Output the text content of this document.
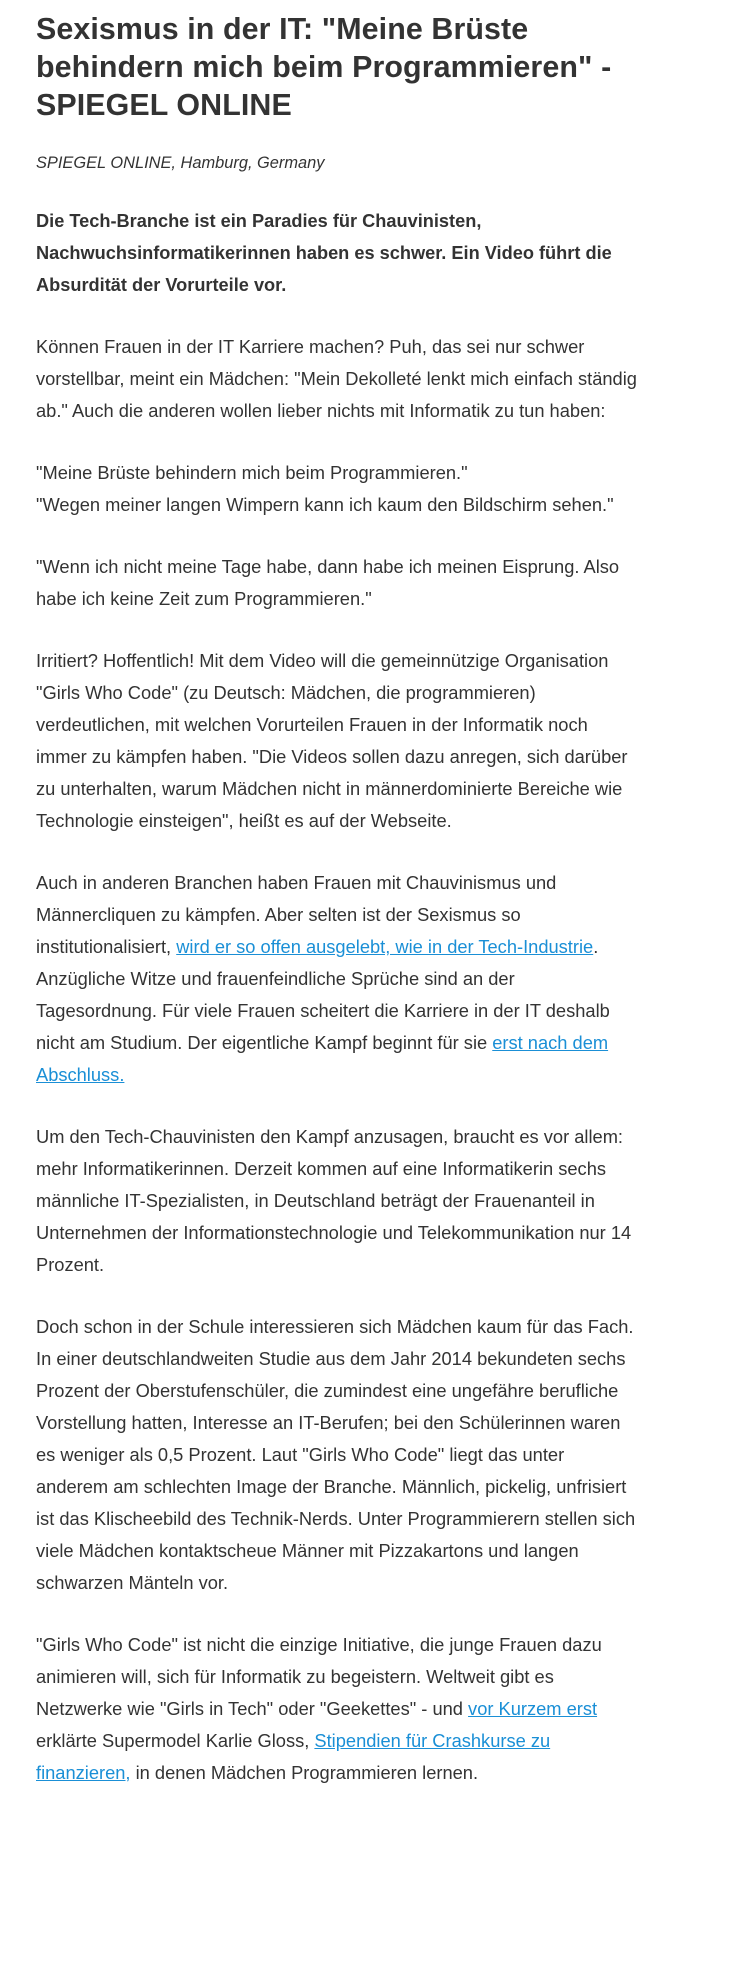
Sexismus in der IT: "Meine Brüste behindern mich beim Programmieren" - SPIEGEL ONLINE
SPIEGEL ONLINE, Hamburg, Germany

Die Tech-Branche ist ein Paradies für Chauvinisten, Nachwuchsinformatikerinnen haben es schwer. Ein Video führt die Absurdität der Vorurteile vor.

Können Frauen in der IT Karriere machen? Puh, das sei nur schwer vorstellbar, meint ein Mädchen: "Mein Dekolleté lenkt mich einfach ständig ab." Auch die anderen wollen lieber nichts mit Informatik zu tun haben:

"Meine Brüste behindern mich beim Programmieren."

"Wegen meiner langen Wimpern kann ich kaum den Bildschirm sehen."

"Wenn ich nicht meine Tage habe, dann habe ich meinen Eisprung. Also habe ich keine Zeit zum Programmieren."

Irritiert? Hoffentlich! Mit dem Video will die gemeinnützige Organisation "Girls Who Code" (zu Deutsch: Mädchen, die programmieren) verdeutlichen, mit welchen Vorurteilen Frauen in der Informatik noch immer zu kämpfen haben. "Die Videos sollen dazu anregen, sich darüber zu unterhalten, warum Mädchen nicht in männerdominierte Bereiche wie Technologie einsteigen", heißt es auf der Webseite.

Auch in anderen Branchen haben Frauen mit Chauvinismus und Männercliquen zu kämpfen. Aber selten ist der Sexismus so institutionalisiert, wird er so offen ausgelebt, wie in der Tech-Industrie. Anzügliche Witze und frauenfeindliche Sprüche sind an der Tagesordnung. Für viele Frauen scheitert die Karriere in der IT deshalb nicht am Studium. Der eigentliche Kampf beginnt für sie erst nach dem Abschluss.

Um den Tech-Chauvinisten den Kampf anzusagen, braucht es vor allem: mehr Informatikerinnen. Derzeit kommen auf eine Informatikerin sechs männliche IT-Spezialisten, in Deutschland beträgt der Frauenanteil in Unternehmen der Informationstechnologie und Telekommunikation nur 14 Prozent.

Doch schon in der Schule interessieren sich Mädchen kaum für das Fach. In einer deutschlandweiten Studie aus dem Jahr 2014 bekundeten sechs Prozent der Oberstufenschüler, die zumindest eine ungefähre berufliche Vorstellung hatten, Interesse an IT-Berufen; bei den Schülerinnen waren es weniger als 0,5 Prozent. Laut "Girls Who Code" liegt das unter anderem am schlechten Image der Branche. Männlich, pickelig, unfrisiert ist das Klischeebild des Technik-Nerds. Unter Programmierern stellen sich viele Mädchen kontaktscheue Männer mit Pizzakartons und langen schwarzen Mänteln vor.

"Girls Who Code" ist nicht die einzige Initiative, die junge Frauen dazu animieren will, sich für Informatik zu begeistern. Weltweit gibt es Netzwerke wie "Girls in Tech" oder "Geekettes" - und vor Kurzem erst erklärte Supermodel Karlie Gloss, Stipendien für Crashkurse zu finanzieren, in denen Mädchen Programmieren lernen.
